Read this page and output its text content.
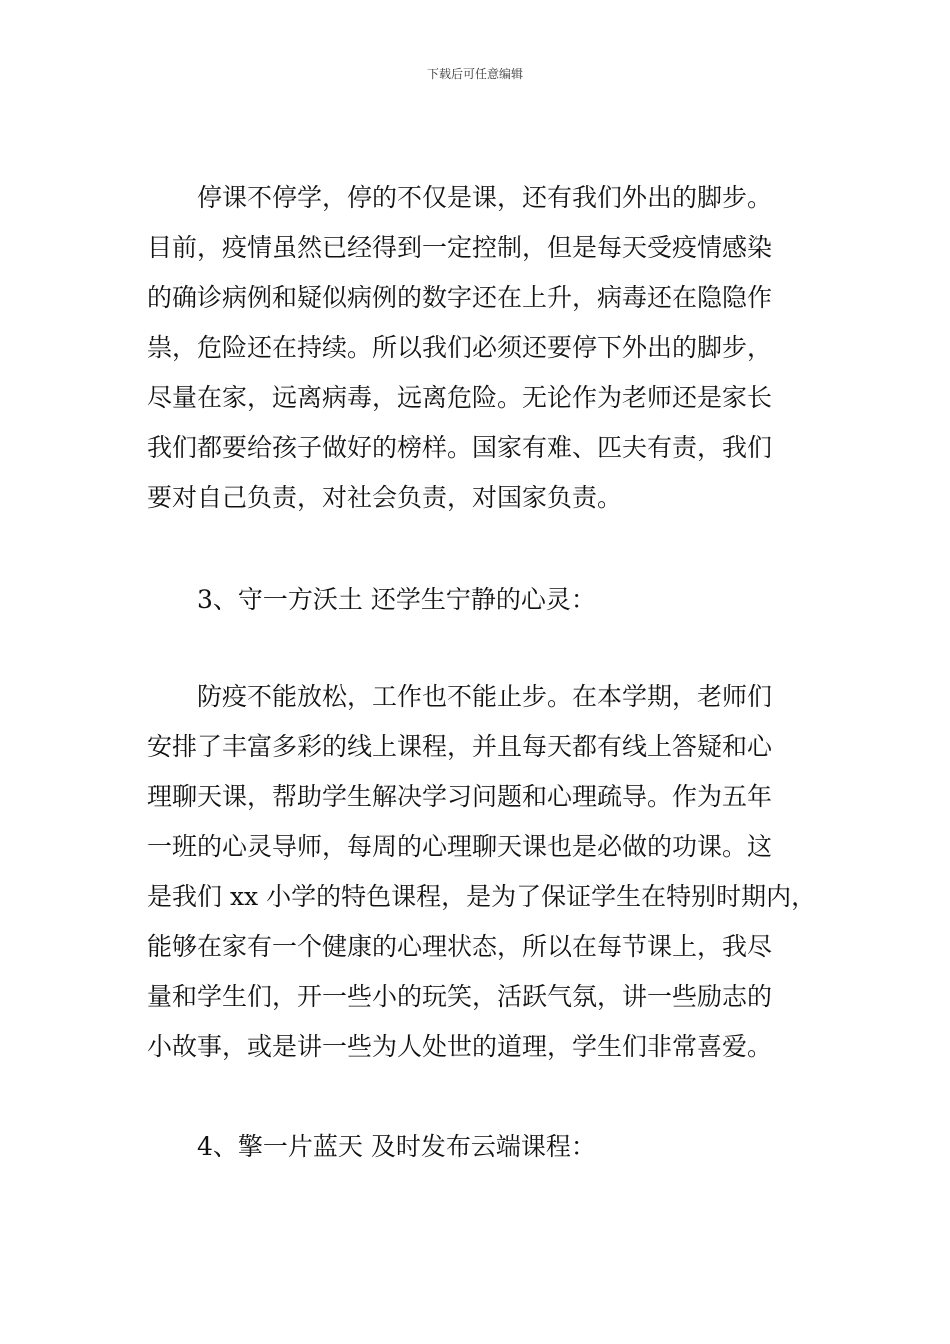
下载后可任意编辑
　　停课不停学，停的不仅是课，还有我们外出的脚步。
目前，疫情虽然已经得到一定控制，但是每天受疫情感染
的确诊病例和疑似病例的数字还在上升，病毒还在隐隐作
祟，危险还在持续。所以我们必须还要停下外出的脚步，
尽量在家，远离病毒，远离危险。无论作为老师还是家长
我们都要给孩子做好的榜样。国家有难、匹夫有责，我们
要对自己负责，对社会负责，对国家负责。
　　3、守一方沃土 还学生宁静的心灵：
　　防疫不能放松，工作也不能止步。在本学期，老师们
安排了丰富多彩的线上课程，并且每天都有线上答疑和心
理聊天课，帮助学生解决学习问题和心理疏导。作为五年
一班的心灵导师，每周的心理聊天课也是必做的功课。这
是我们 xx 小学的特色课程，是为了保证学生在特别时期内，
能够在家有一个健康的心理状态，所以在每节课上，我尽
量和学生们，开一些小的玩笑，活跃气氛，讲一些励志的
小故事，或是讲一些为人处世的道理，学生们非常喜爱。
　　4、擎一片蓝天 及时发布云端课程：
